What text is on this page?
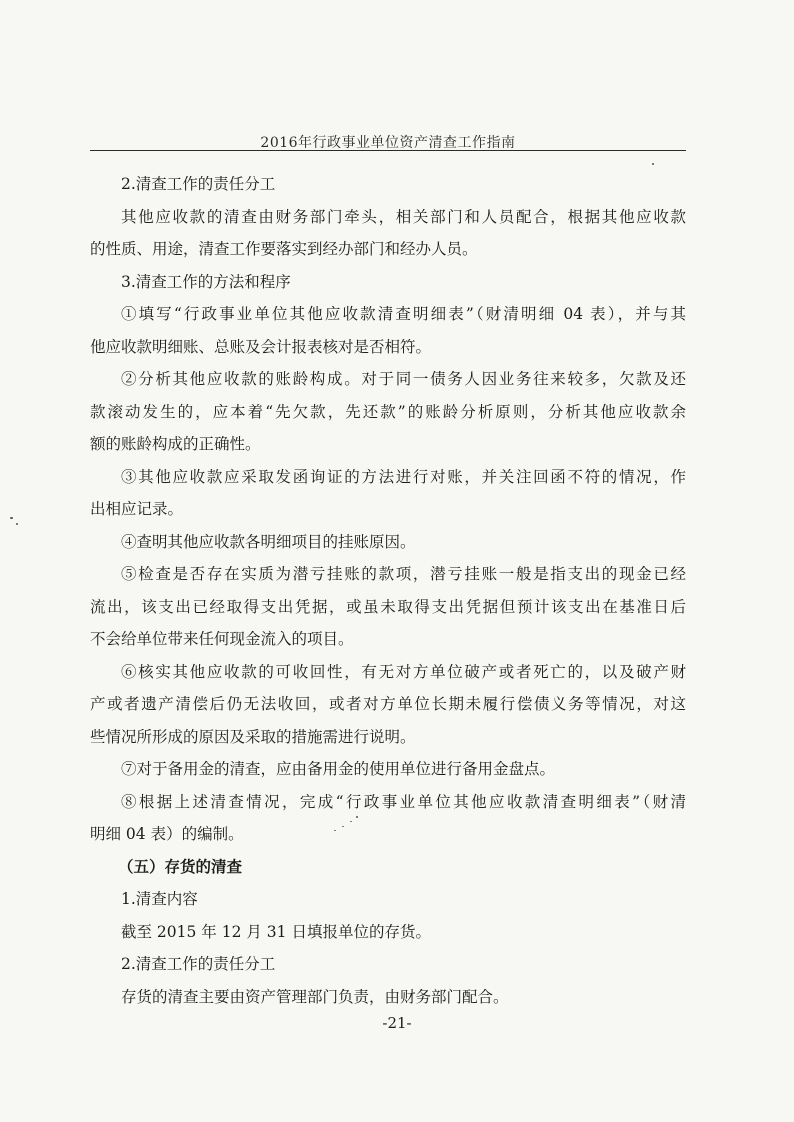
2016年行政事业单位资产清查工作指南
2.清查工作的责任分工
其他应收款的清查由财务部门牵头，相关部门和人员配合，根据其他应收款
的性质、用途，清查工作要落实到经办部门和经办人员。
3.清查工作的方法和程序
①填写“行政事业单位其他应收款清查明细表”（财清明细 04 表），并与其
他应收款明细账、总账及会计报表核对是否相符。
②分析其他应收款的账龄构成。对于同一债务人因业务往来较多，欠款及还
款滚动发生的，应本着“先欠款，先还款”的账龄分析原则，分析其他应收款余
额的账龄构成的正确性。
③其他应收款应采取发函询证的方法进行对账，并关注回函不符的情况，作
出相应记录。
④查明其他应收款各明细项目的挂账原因。
⑤检查是否存在实质为潜亏挂账的款项，潜亏挂账一般是指支出的现金已经
流出，该支出已经取得支出凭据，或虽未取得支出凭据但预计该支出在基准日后
不会给单位带来任何现金流入的项目。
⑥核实其他应收款的可收回性，有无对方单位破产或者死亡的，以及破产财
产或者遗产清偿后仍无法收回，或者对方单位长期未履行偿债义务等情况，对这
些情况所形成的原因及采取的措施需进行说明。
⑦对于备用金的清查，应由备用金的使用单位进行备用金盘点。
⑧根据上述清查情况，完成“行政事业单位其他应收款清查明细表”（财清
明细 04 表）的编制。
（五）存货的清查
1.清查内容
截至 2015 年 12 月 31 日填报单位的存货。
2.清查工作的责任分工
存货的清查主要由资产管理部门负责，由财务部门配合。
-21-
